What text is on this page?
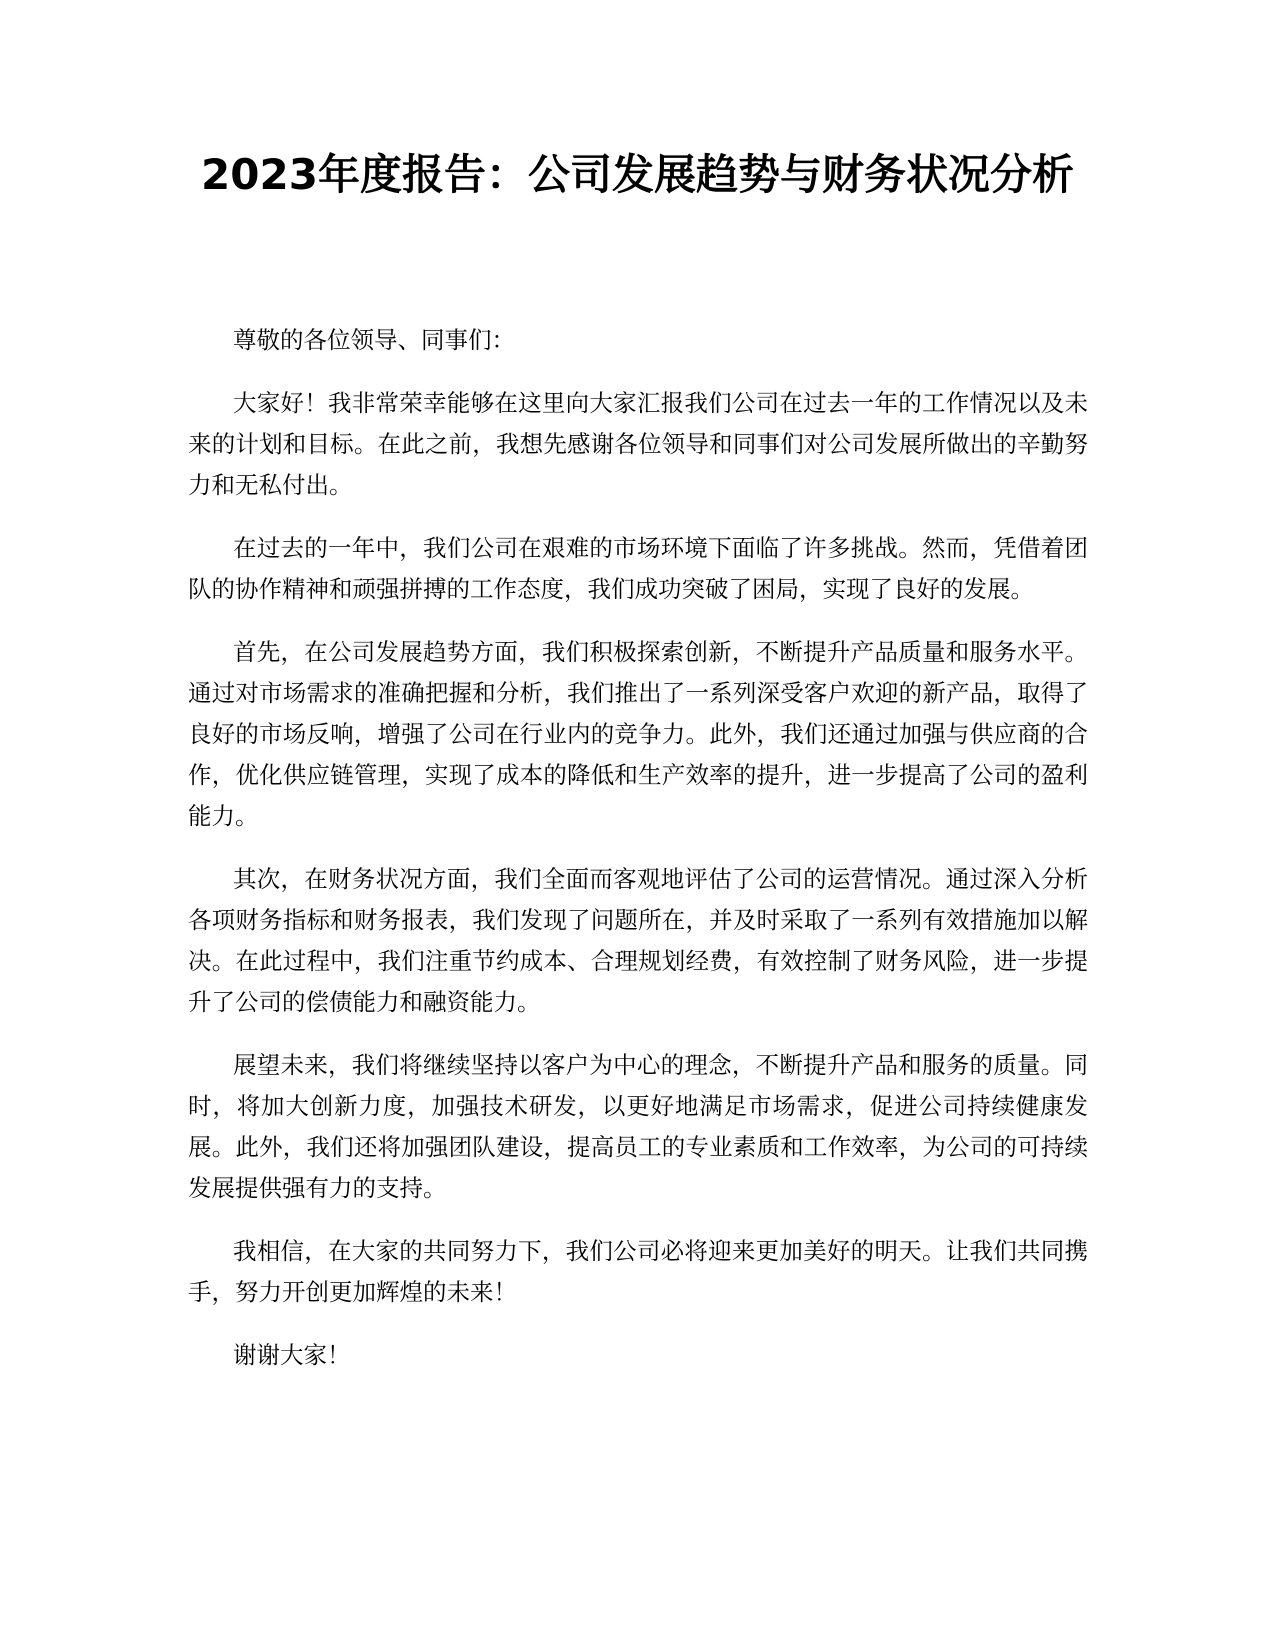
2023年度报告：公司发展趋势与财务状况分析

尊敬的各位领导、同事们：

大家好！我非常荣幸能够在这里向大家汇报我们公司在过去一年的工作情况以及未来的计划和目标。在此之前，我想先感谢各位领导和同事们对公司发展所做出的辛勤努力和无私付出。

在过去的一年中，我们公司在艰难的市场环境下面临了许多挑战。然而，凭借着团队的协作精神和顽强拼搏的工作态度，我们成功突破了困局，实现了良好的发展。

首先，在公司发展趋势方面，我们积极探索创新，不断提升产品质量和服务水平。通过对市场需求的准确把握和分析，我们推出了一系列深受客户欢迎的新产品，取得了良好的市场反响，增强了公司在行业内的竞争力。此外，我们还通过加强与供应商的合作，优化供应链管理，实现了成本的降低和生产效率的提升，进一步提高了公司的盈利能力。

其次，在财务状况方面，我们全面而客观地评估了公司的运营情况。通过深入分析各项财务指标和财务报表，我们发现了问题所在，并及时采取了一系列有效措施加以解决。在此过程中，我们注重节约成本、合理规划经费，有效控制了财务风险，进一步提升了公司的偿债能力和融资能力。

展望未来，我们将继续坚持以客户为中心的理念，不断提升产品和服务的质量。同时，将加大创新力度，加强技术研发，以更好地满足市场需求，促进公司持续健康发展。此外，我们还将加强团队建设，提高员工的专业素质和工作效率，为公司的可持续发展提供强有力的支持。

我相信，在大家的共同努力下，我们公司必将迎来更加美好的明天。让我们共同携手，努力开创更加辉煌的未来！

谢谢大家！
